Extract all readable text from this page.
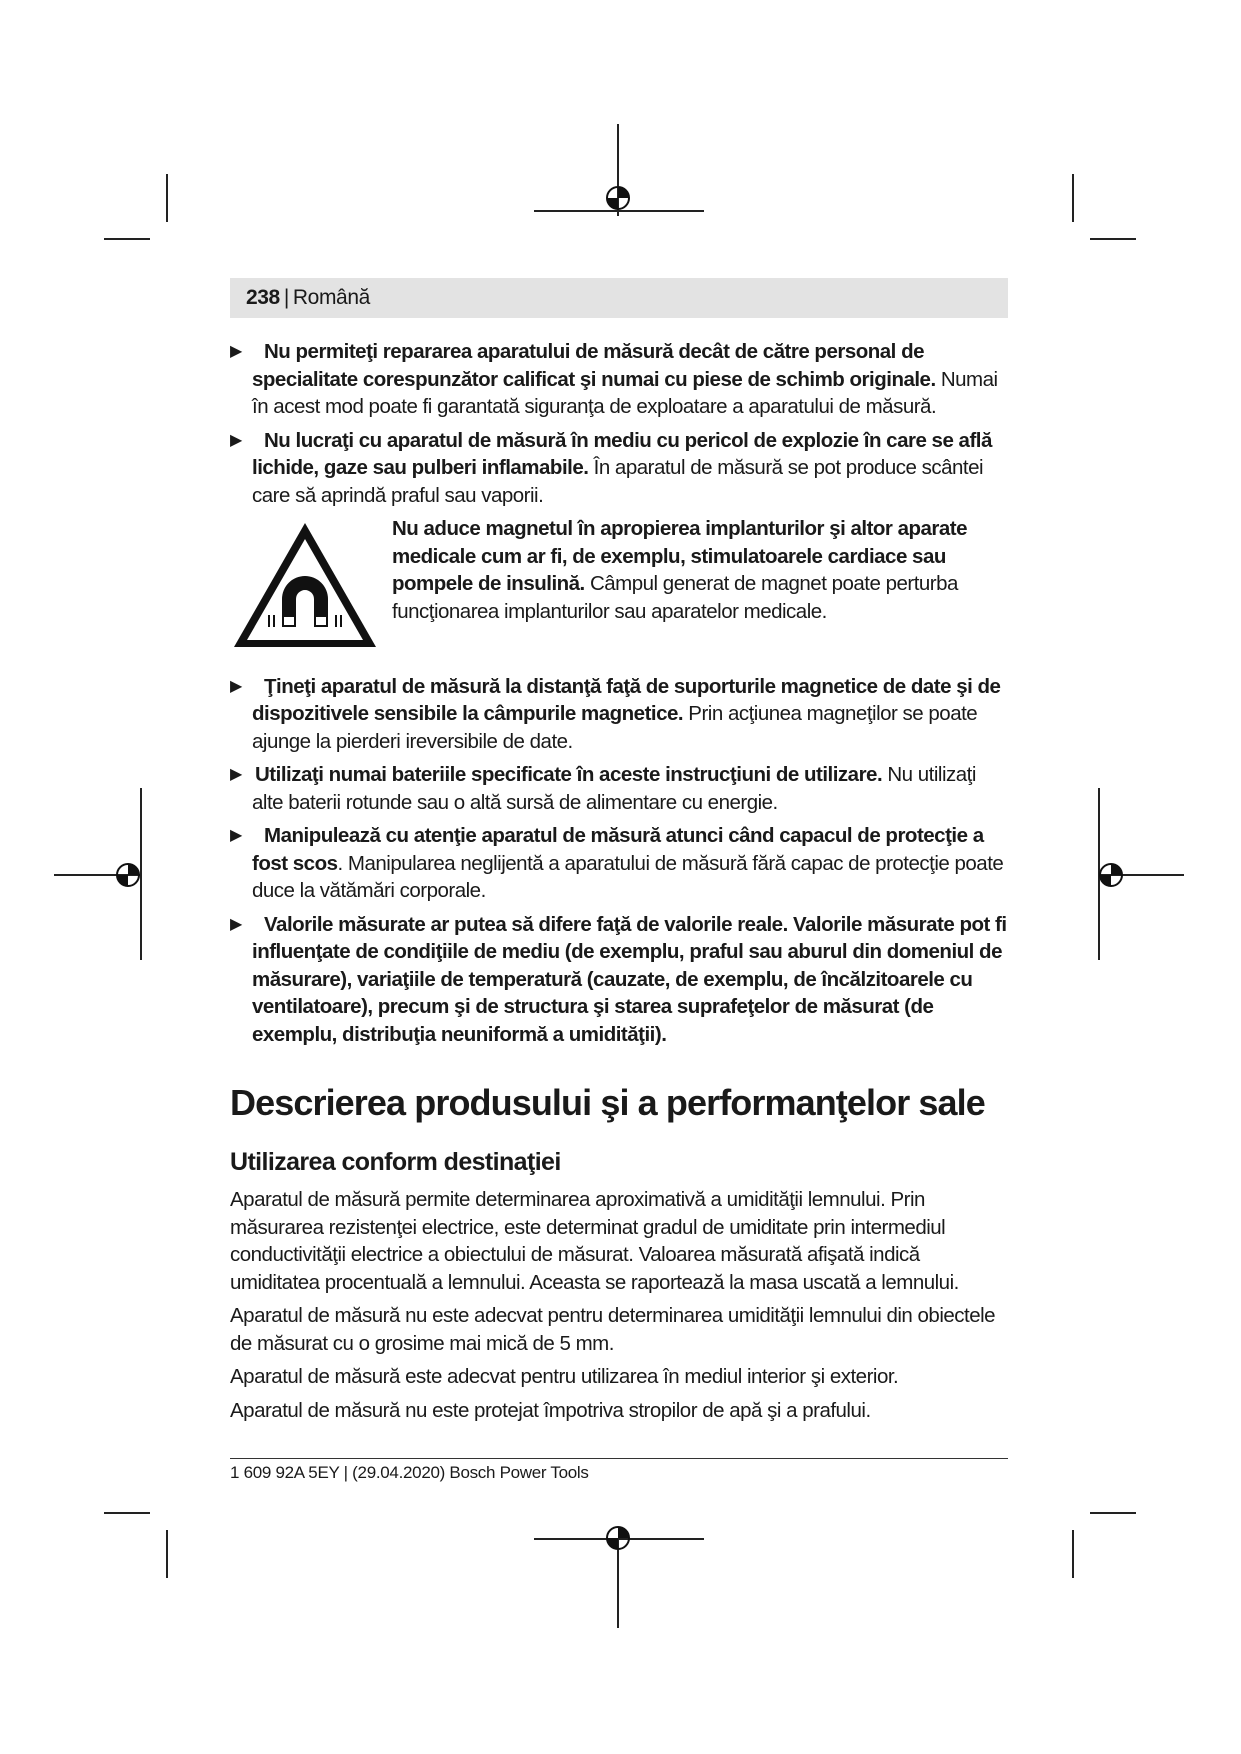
238 | Română
▶ Nu permiteţi repararea aparatului de măsură decât de către personal de specialitate corespunzător calificat şi numai cu piese de schimb originale. Numai în acest mod poate fi garantată siguranţa de exploatare a aparatului de măsură.
▶ Nu lucraţi cu aparatul de măsură în mediu cu pericol de explozie în care se află lichide, gaze sau pulberi inflamabile. În aparatul de măsură se pot produce scântei care să aprindă praful sau vaporii.
Nu aduce magnetul în apropierea implanturilor şi altor aparate medicale cum ar fi, de exemplu, stimulatoarele cardiace sau pompele de insulină. Câmpul generat de magnet poate perturba funcţionarea implanturilor sau aparatelor medicale.
▶ Ţineţi aparatul de măsură la distanţă faţă de suporturile magnetice de date şi de dispozitivele sensibile la câmpurile magnetice. Prin acţiunea magneţilor se poate ajunge la pierderi ireversibile de date.
▶ Utilizaţi numai bateriile specificate în aceste instrucţiuni de utilizare. Nu utilizaţi alte baterii rotunde sau o altă sursă de alimentare cu energie.
▶ Manipulează cu atenţie aparatul de măsură atunci când capacul de protecţie a fost scos. Manipularea neglijentă a aparatului de măsură fără capac de protecţie poate duce la vătămări corporale.
▶ Valorile măsurate ar putea să difere faţă de valorile reale. Valorile măsurate pot fi influenţate de condiţiile de mediu (de exemplu, praful sau aburul din domeniul de măsurare), variaţiile de temperatură (cauzate, de exemplu, de încălzitoarele cu ventilatoare), precum şi de structura şi starea suprafeţelor de măsurat (de exemplu, distribuţia neuniformă a umidităţii).
Descrierea produsului şi a performanţelor sale
Utilizarea conform destinaţiei

Aparatul de măsură permite determinarea aproximativă a umidităţii lemnului. Prin măsurarea rezistenţei electrice, este determinat gradul de umiditate prin intermediul conductivităţii electrice a obiectului de măsurat. Valoarea măsurată afişată indică umiditatea procentuală a lemnului. Aceasta se raportează la masa uscată a lemnului.

Aparatul de măsură nu este adecvat pentru determinarea umidităţii lemnului din obiectele de măsurat cu o grosime mai mică de 5 mm.

Aparatul de măsură este adecvat pentru utilizarea în mediul interior şi exterior.

Aparatul de măsură nu este protejat împotriva stropilor de apă şi a prafului.

1 609 92A 5EY | (29.04.2020) Bosch Power Tools
